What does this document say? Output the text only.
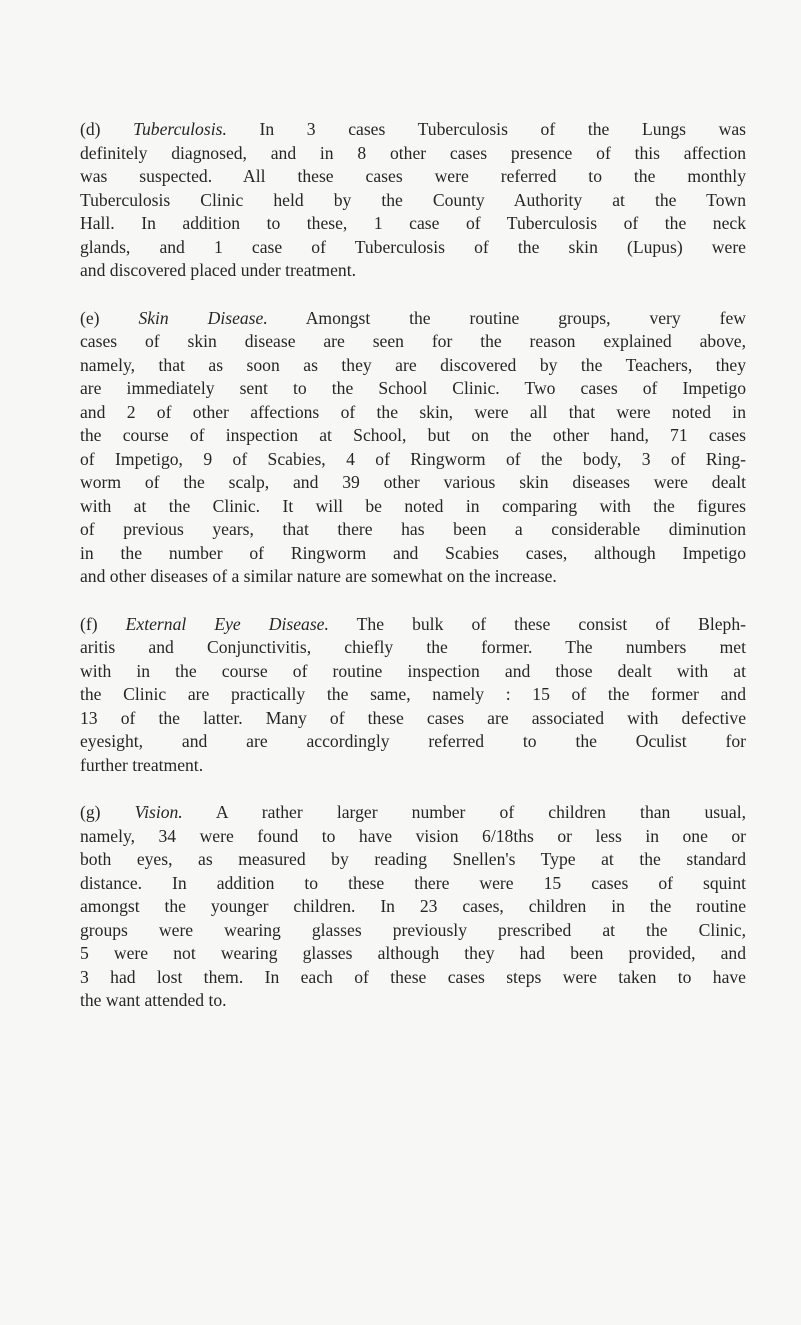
(d) Tuberculosis. In 3 cases Tuberculosis of the Lungs was
definitely diagnosed, and in 8 other cases presence of this affection
was suspected. All these cases were referred to the monthly
Tuberculosis Clinic held by the County Authority at the Town
Hall. In addition to these, 1 case of Tuberculosis of the neck
glands, and 1 case of Tuberculosis of the skin (Lupus) were
and discovered placed under treatment.
(e) Skin Disease. Amongst the routine groups, very few
cases of skin disease are seen for the reason explained above,
namely, that as soon as they are discovered by the Teachers, they
are immediately sent to the School Clinic. Two cases of Impetigo
and 2 of other affections of the skin, were all that were noted in
the course of inspection at School, but on the other hand, 71 cases
of Impetigo, 9 of Scabies, 4 of Ringworm of the body, 3 of Ring-
worm of the scalp, and 39 other various skin diseases were dealt
with at the Clinic. It will be noted in comparing with the figures
of previous years, that there has been a considerable diminution
in the number of Ringworm and Scabies cases, although Impetigo
and other diseases of a similar nature are somewhat on the increase.
(f) External Eye Disease. The bulk of these consist of Bleph-
aritis and Conjunctivitis, chiefly the former. The numbers met
with in the course of routine inspection and those dealt with at
the Clinic are practically the same, namely : 15 of the former and
13 of the latter. Many of these cases are associated with defective
eyesight, and are accordingly referred to the Oculist for
further treatment.
(g) Vision. A rather larger number of children than usual,
namely, 34 were found to have vision 6/18ths or less in one or
both eyes, as measured by reading Snellen's Type at the standard
distance. In addition to these there were 15 cases of squint
amongst the younger children. In 23 cases, children in the routine
groups were wearing glasses previously prescribed at the Clinic,
5 were not wearing glasses although they had been provided, and
3 had lost them. In each of these cases steps were taken to have
the want attended to.
